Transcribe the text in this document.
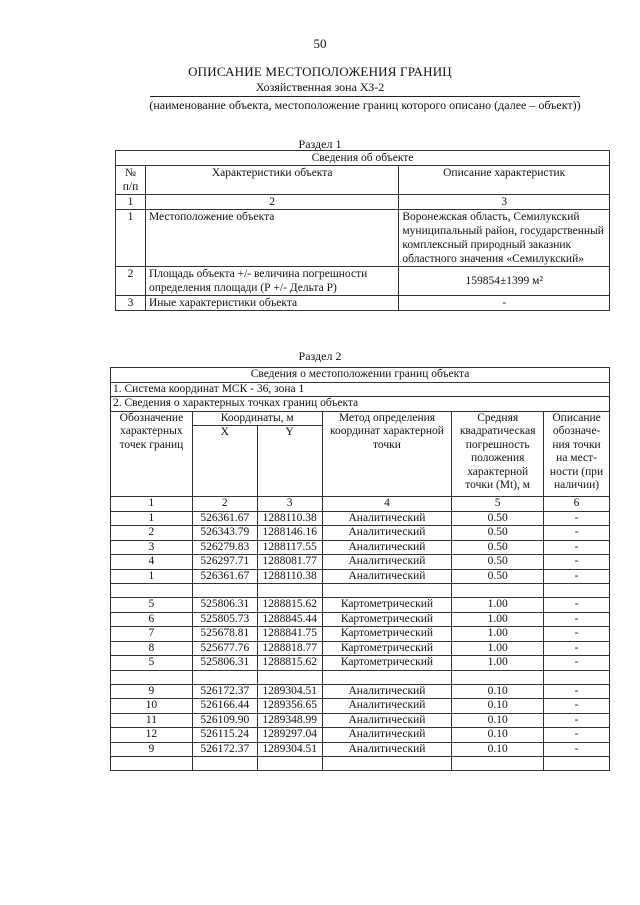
50
ОПИСАНИЕ МЕСТОПОЛОЖЕНИЯ ГРАНИЦ
Хозяйственная зона ХЗ-2
(наименование объекта, местоположение границ которого описано (далее – объект))
Раздел 1
Сведения об объекте		
№ п/п	Характеристики объекта	Описание характеристик
1	2	3
1	Местоположение объекта	Воронежская область, Семилукский муниципальный район, государственный комплексный природный заказник областного значения «Семилукский»
2	Площадь объекта +/- величина погрешности определения площади (Р +/- Дельта Р)	159854±1399 м²
3	Иные характеристики объекта	-
Раздел 2
Сведения о местоположении границ объекта					
1. Система координат МСК - 36, зона 1					
2. Сведения о характерных точках границ объекта					
Обозначение характерных точек границ	Координаты, м		Метод определения координат характерной точки	Средняя квадратическая погрешность положения характерной точки (Mt), м	Описание обозначе-ния точки на мест-ности (при наличии)
	X	Y			
1	2	3	4	5	6
1	526361.67	1288110.38	Аналитический	0.50	-
2	526343.79	1288146.16	Аналитический	0.50	-
3	526279.83	1288117.55	Аналитический	0.50	-
4	526297.71	1288081.77	Аналитический	0.50	-
1	526361.67	1288110.38	Аналитический	0.50	-

5	525806.31	1288815.62	Картометрический	1.00	-
6	525805.73	1288845.44	Картометрический	1.00	-
7	525678.81	1288841.75	Картометрический	1.00	-
8	525677.76	1288818.77	Картометрический	1.00	-
5	525806.31	1288815.62	Картометрический	1.00	-

9	526172.37	1289304.51	Аналитический	0.10	-
10	526166.44	1289356.65	Аналитический	0.10	-
11	526109.90	1289348.99	Аналитический	0.10	-
12	526115.24	1289297.04	Аналитический	0.10	-
9	526172.37	1289304.51	Аналитический	0.10	-
